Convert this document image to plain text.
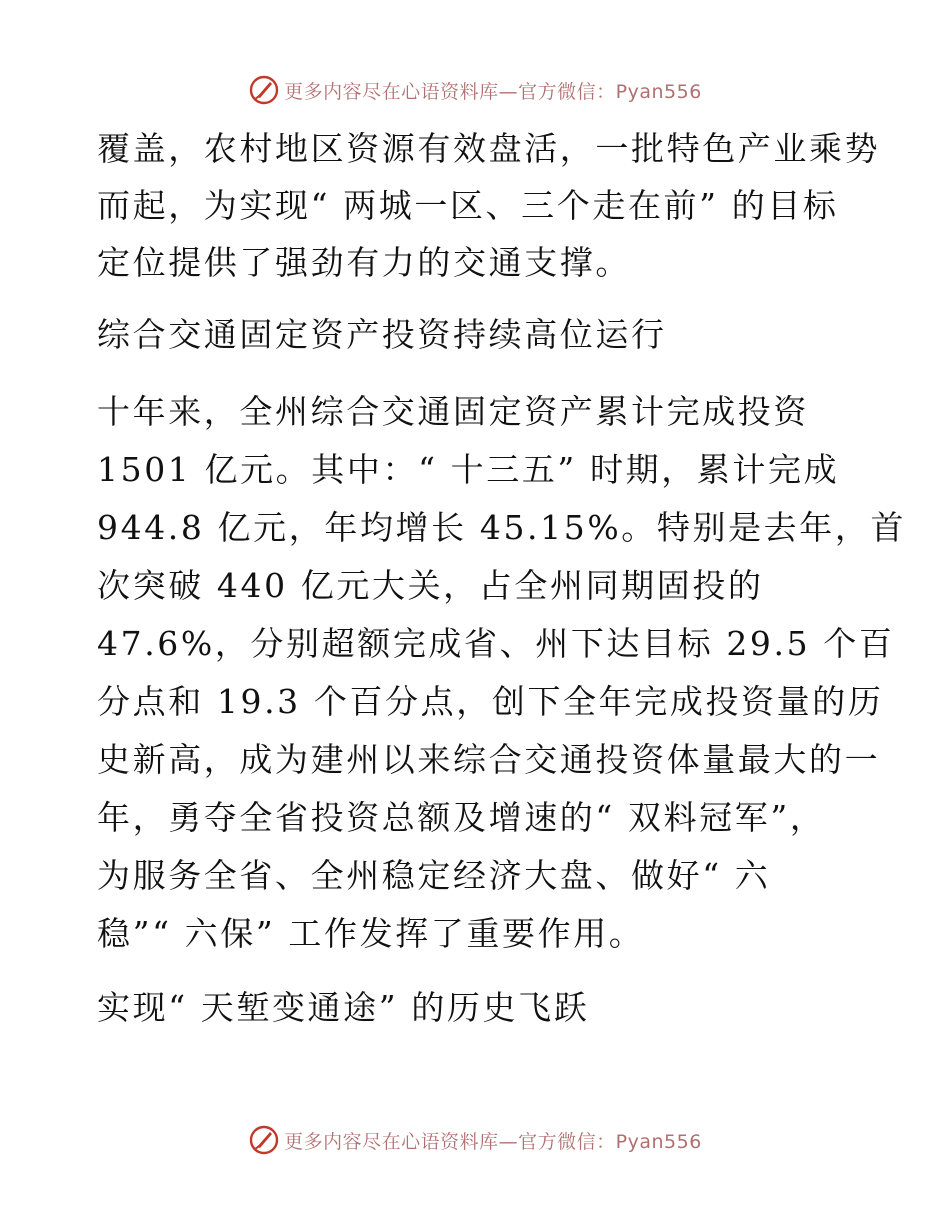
更多内容尽在心语资料库—官方微信：Pyan556
覆盖，农村地区资源有效盘活，一批特色产业乘势
而起，为实现“ 两城一区、三个走在前” 的目标
定位提供了强劲有力的交通支撑。
综合交通固定资产投资持续高位运行
十年来，全州综合交通固定资产累计完成投资
1501 亿元。其中：“ 十三五” 时期，累计完成
944.8 亿元，年均增长 45.15%。特别是去年，首
次突破 440 亿元大关，占全州同期固投的
47.6%，分别超额完成省、州下达目标 29.5 个百
分点和 19.3 个百分点，创下全年完成投资量的历
史新高，成为建州以来综合交通投资体量最大的一
年，勇夺全省投资总额及增速的“ 双料冠军”，
为服务全省、全州稳定经济大盘、做好“ 六
稳”“ 六保” 工作发挥了重要作用。
实现“ 天堑变通途” 的历史飞跃
更多内容尽在心语资料库—官方微信：Pyan556
